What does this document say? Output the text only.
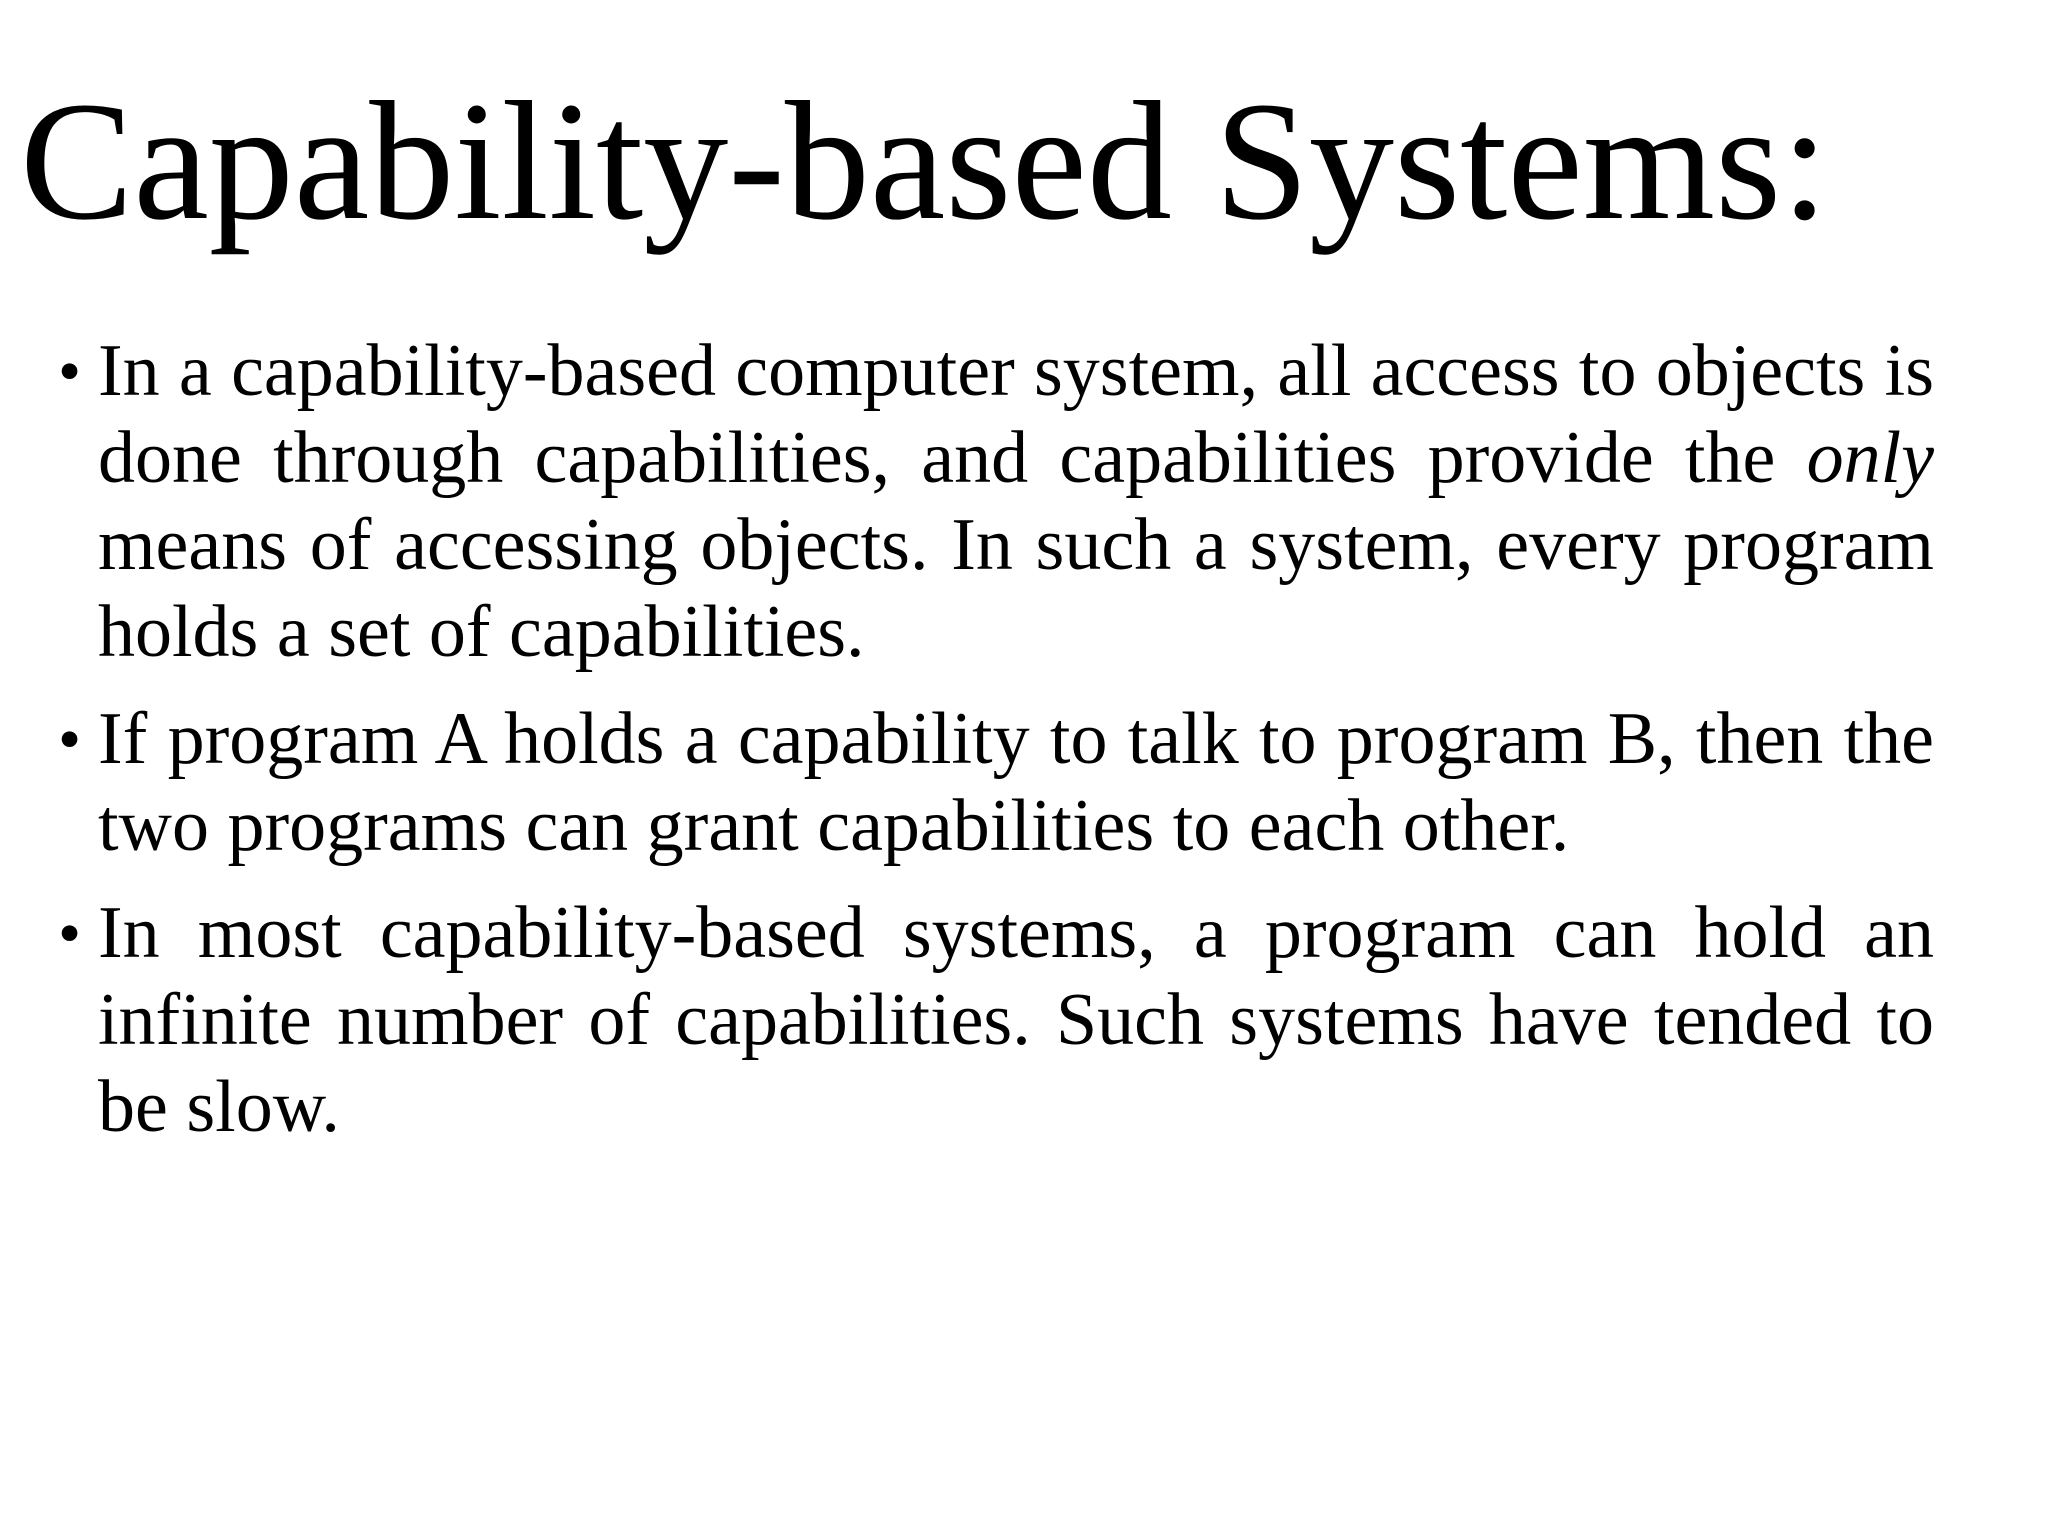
Capability-based Systems:
• In a capability-based computer system, all access to objects is done through capabilities, and capabilities provide the only means of accessing objects. In such a system, every program holds a set of capabilities.
• If program A holds a capability to talk to program B, then the two programs can grant capabilities to each other.
• In most capability-based systems, a program can hold an infinite number of capabilities. Such systems have tended to be slow.
